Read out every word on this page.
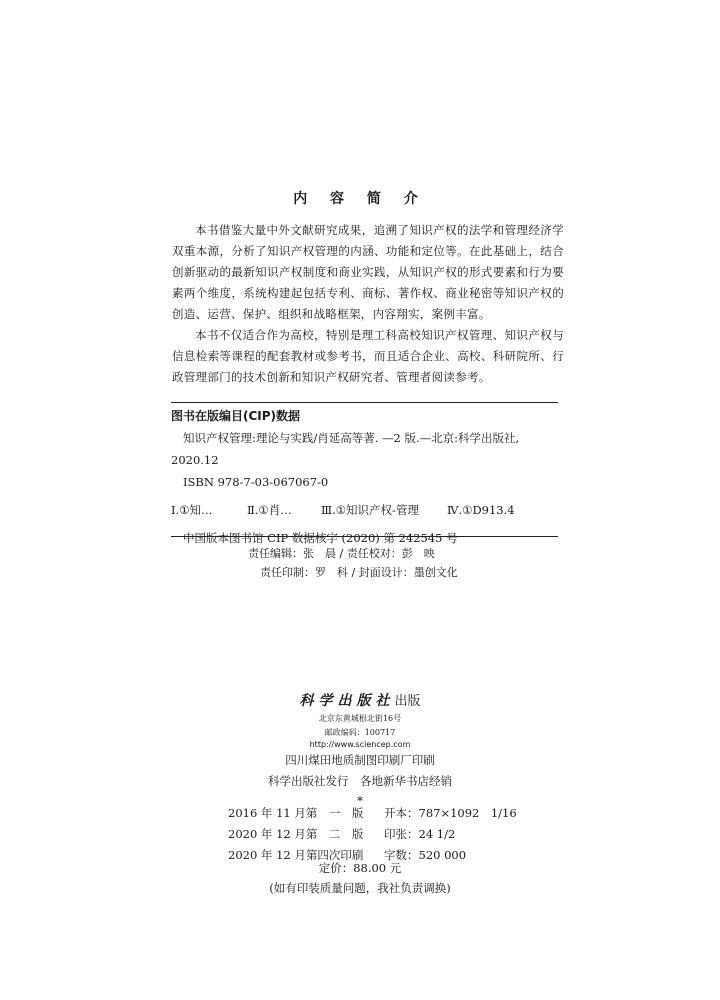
内 容 简 介

本书借鉴大量中外文献研究成果，追溯了知识产权的法学和管理经济学双重本源，分析了知识产权管理的内涵、功能和定位等。在此基础上，结合创新驱动的最新知识产权制度和商业实践，从知识产权的形式要素和行为要素两个维度，系统构建起包括专利、商标、著作权、商业秘密等知识产权的创造、运营、保护、组织和战略框架，内容翔实，案例丰富。

本书不仅适合作为高校，特别是理工科高校知识产权管理、知识产权与信息检索等课程的配套教材或参考书，而且适合企业、高校、科研院所、行政管理部门的技术创新和知识产权研究者、管理者阅读参考。

图书在版编目(CIP)数据
知识产权管理:理论与实践/肖延高等著. —2 版.—北京:科学出版社,
2020.12
ISBN 978-7-03-067067-0
Ⅰ.①知…	Ⅱ.①肖…	Ⅲ.①知识产权-管理 Ⅳ.①D913.4
中国版本图书馆 CIP 数据核字 (2020) 第 242545 号
责任编辑：张　晨 / 责任校对：彭　映
责任印制：罗　科 / 封面设计：墨创文化
科学出版社出版
北京东黄城根北街16号
邮政编码：100717
http://www.sciencep.com
四川煤田地质制图印刷厂印刷
科学出版社发行　各地新华书店经销
*
2016 年 11 月第　一　版 开本：787×1092　1/16
2020 年 12 月第　二　版 印张：24 1/2
2020 年 12 月第四次印刷 字数：520 000
定价：88.00 元
(如有印装质量问题，我社负责调换)
